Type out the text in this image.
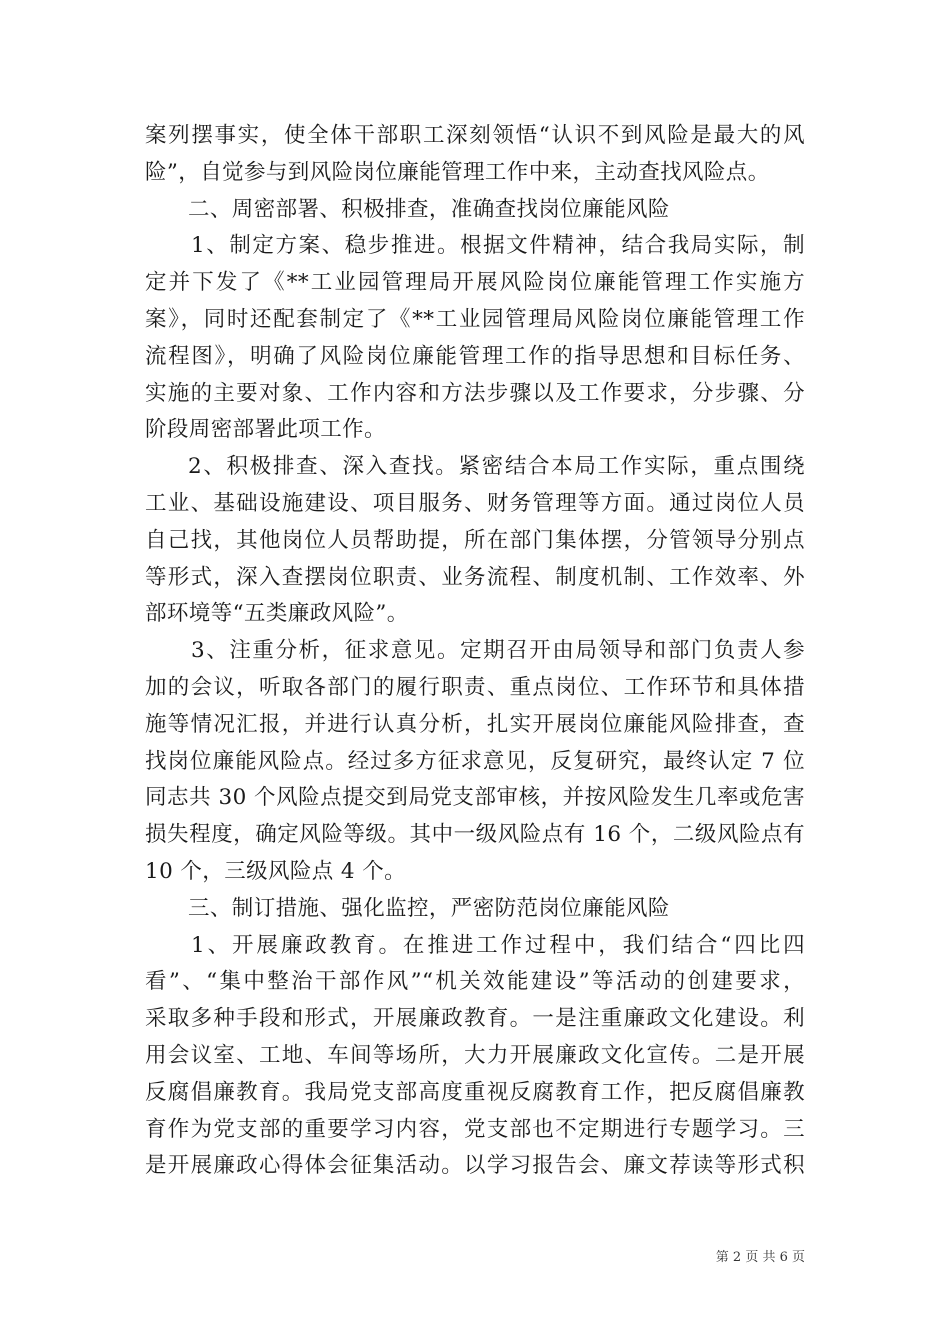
案列摆事实，使全体干部职工深刻领悟“认识不到风险是最大的风
险”，自觉参与到风险岗位廉能管理工作中来，主动查找风险点。
二、周密部署、积极排查，准确查找岗位廉能风险
1、制定方案、稳步推进。根据文件精神，结合我局实际，制
定并下发了《**工业园管理局开展风险岗位廉能管理工作实施方
案》，同时还配套制定了《**工业园管理局风险岗位廉能管理工作
流程图》，明确了风险岗位廉能管理工作的指导思想和目标任务、
实施的主要对象、工作内容和方法步骤以及工作要求，分步骤、分
阶段周密部署此项工作。
2、积极排查、深入查找。紧密结合本局工作实际，重点围绕
工业、基础设施建设、项目服务、财务管理等方面。通过岗位人员
自己找，其他岗位人员帮助提，所在部门集体摆，分管领导分别点
等形式，深入查摆岗位职责、业务流程、制度机制、工作效率、外
部环境等“五类廉政风险”。
3、注重分析，征求意见。定期召开由局领导和部门负责人参
加的会议，听取各部门的履行职责、重点岗位、工作环节和具体措
施等情况汇报，并进行认真分析，扎实开展岗位廉能风险排查，查
找岗位廉能风险点。经过多方征求意见，反复研究，最终认定 7 位
同志共 30 个风险点提交到局党支部审核，并按风险发生几率或危害
损失程度，确定风险等级。其中一级风险点有 16 个，二级风险点有
10 个，三级风险点 4 个。
三、制订措施、强化监控，严密防范岗位廉能风险
1、开展廉政教育。在推进工作过程中，我们结合“四比四
看”、“集中整治干部作风”“机关效能建设”等活动的创建要求，
采取多种手段和形式，开展廉政教育。一是注重廉政文化建设。利
用会议室、工地、车间等场所，大力开展廉政文化宣传。二是开展
反腐倡廉教育。我局党支部高度重视反腐教育工作，把反腐倡廉教
育作为党支部的重要学习内容，党支部也不定期进行专题学习。三
是开展廉政心得体会征集活动。以学习报告会、廉文荐读等形式积
第 2 页 共 6 页
